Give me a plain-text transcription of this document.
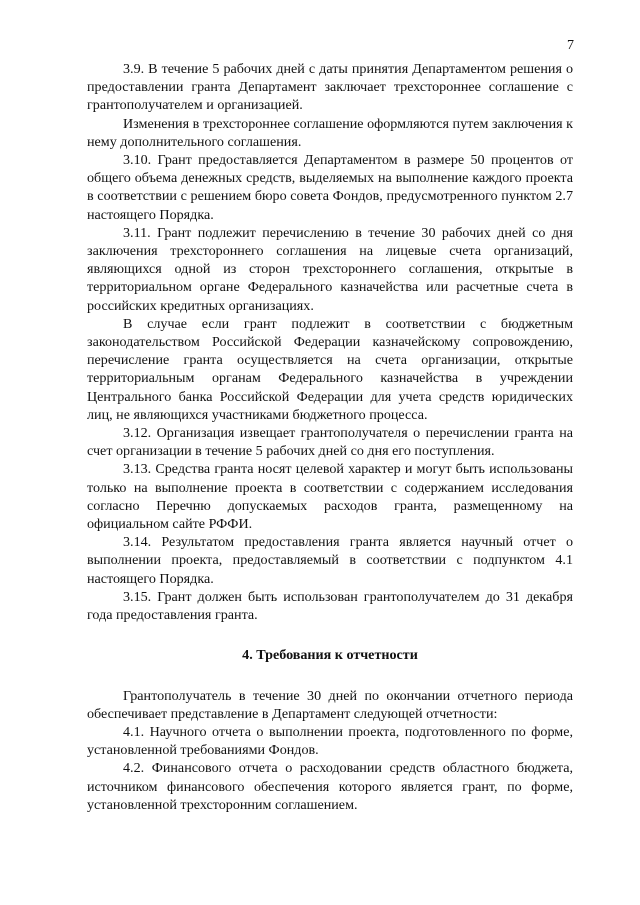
7

3.9. В течение 5 рабочих дней с даты принятия Департаментом решения о предоставлении гранта Департамент заключает трехстороннее соглашение с грантополучателем и организацией.

Изменения в трехстороннее соглашение оформляются путем заключения к нему дополнительного соглашения.

3.10. Грант предоставляется Департаментом в размере 50 процентов от общего объема денежных средств, выделяемых на выполнение каждого проекта в соответствии с решением бюро совета Фондов, предусмотренного пунктом 2.7 настоящего Порядка.

3.11. Грант подлежит перечислению в течение 30 рабочих дней со дня заключения трехстороннего соглашения на лицевые счета организаций, являющихся одной из сторон трехстороннего соглашения, открытые в территориальном органе Федерального казначейства или расчетные счета в российских кредитных организациях.

В случае если грант подлежит в соответствии с бюджетным законодательством Российской Федерации казначейскому сопровождению, перечисление гранта осуществляется на счета организации, открытые территориальным органам Федерального казначейства в учреждении Центрального банка Российской Федерации для учета средств юридических лиц, не являющихся участниками бюджетного процесса.

3.12. Организация извещает грантополучателя о перечислении гранта на счет организации в течение 5 рабочих дней со дня его поступления.

3.13. Средства гранта носят целевой характер и могут быть использованы только на выполнение проекта в соответствии с содержанием исследования согласно Перечню допускаемых расходов гранта, размещенному на официальном сайте РФФИ.

3.14. Результатом предоставления гранта является научный отчет о выполнении проекта, предоставляемый в соответствии с подпунктом 4.1 настоящего Порядка.

3.15. Грант должен быть использован грантополучателем до 31 декабря года предоставления гранта.

4. Требования к отчетности

Грантополучатель в течение 30 дней по окончании отчетного периода обеспечивает представление в Департамент следующей отчетности:

4.1. Научного отчета о выполнении проекта, подготовленного по форме, установленной требованиями Фондов.

4.2. Финансового отчета о расходовании средств областного бюджета, источником финансового обеспечения которого является грант, по форме, установленной трехсторонним соглашением.
